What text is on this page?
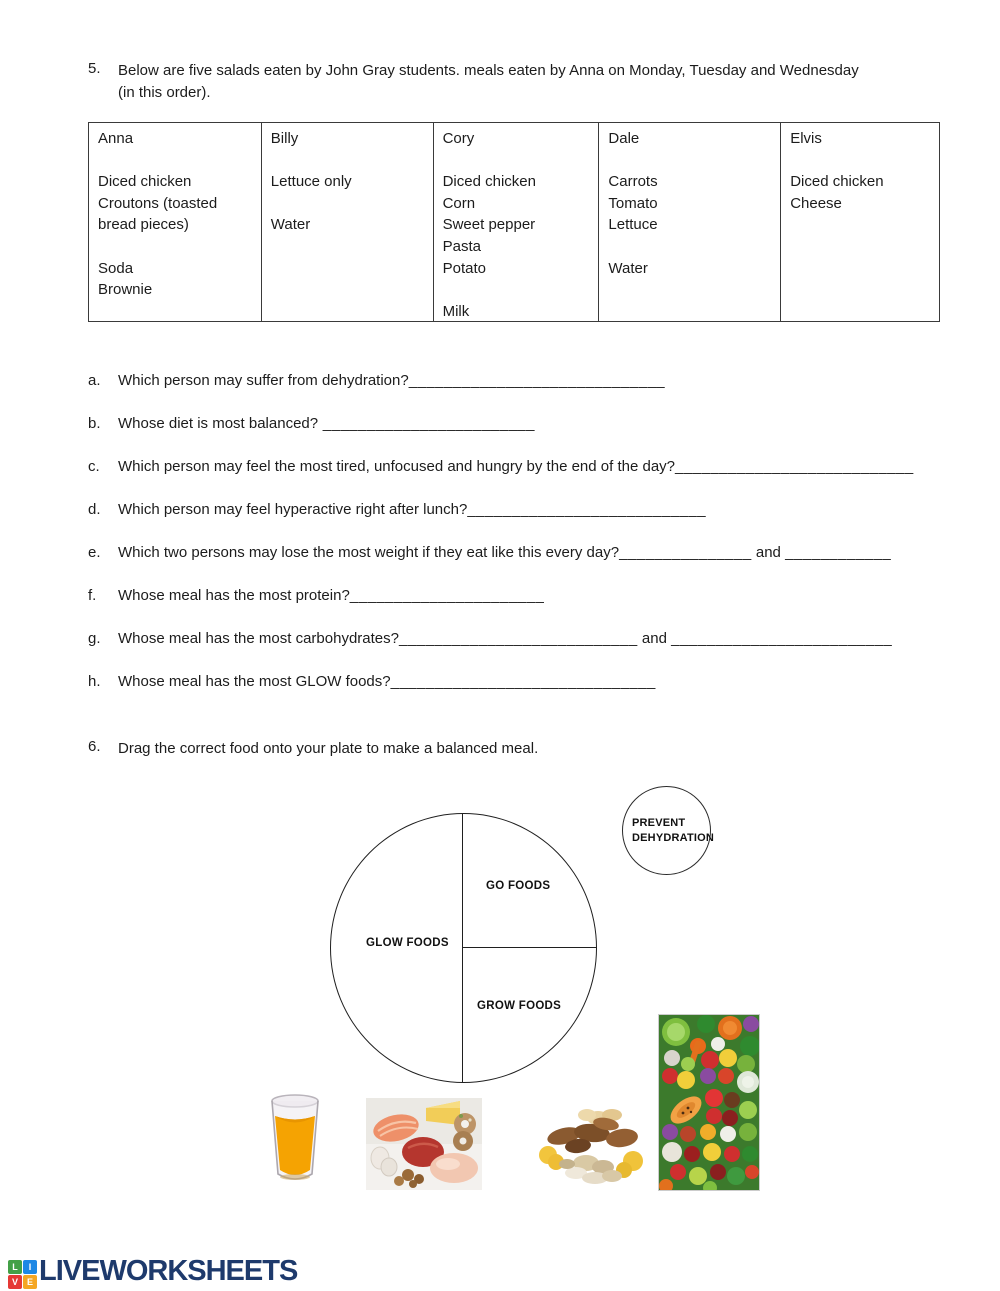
5. Below are five salads eaten by John Gray students. meals eaten by Anna on Monday, Tuesday and Wednesday
(in this order).
Anna
Diced chicken
Croutons (toasted
bread pieces)
Soda
Brownie
Billy
Lettuce only
Water
Cory
Diced chicken
Corn
Sweet pepper
Pasta
Potato
Milk
Dale
Carrots
Tomato
Lettuce
Water
Elvis
Diced chicken
Cheese
a. Which person may suffer from dehydration?_____________________________
b. Whose diet is most balanced? ________________________
c. Which person may feel the most tired, unfocused and hungry by the end of the day?___________________________
d. Which person may feel hyperactive right after lunch?___________________________
e. Which two persons may lose the most weight if they eat like this every day?_______________ and ____________
f. Whose meal has the most protein?______________________
g. Whose meal has the most carbohydrates?___________________________ and _________________________
h. Whose meal has the most GLOW foods?______________________________
6. Drag the correct food onto your plate to make a balanced meal.
GO FOODS
GLOW FOODS
GROW FOODS
PREVENT
DEHYDRATION
L	I
V E LIVEWORKSHEETS
